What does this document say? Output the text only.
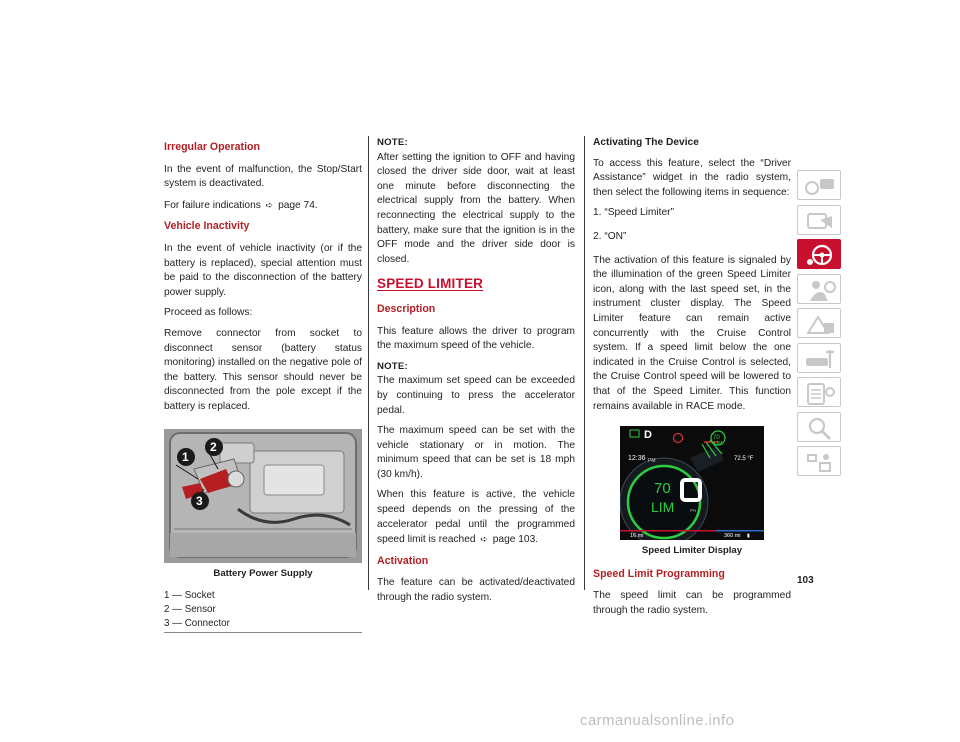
Irregular Operation
In the event of malfunction, the Stop/Start system is deactivated.
For failure indications ➪ page 74.
Vehicle Inactivity
In the event of vehicle inactivity (or if the battery is replaced), special attention must be paid to the disconnection of the battery power supply.
Proceed as follows:
Remove connector from socket to disconnect sensor (battery status monitoring) installed on the negative pole of the battery. This sensor should never be disconnected from the pole except if the battery is replaced.
1
2
3
Battery Power Supply
1 — Socket
2 — Sensor
3 — Connector
NOTE:
After setting the ignition to OFF and having closed the driver side door, wait at least one minute before disconnecting the electrical supply from the battery. When reconnecting the electrical supply to the battery, make sure that the ignition is in the OFF mode and the driver side door is closed.
SPEED LIMITER
Description
This feature allows the driver to program the maximum speed of the vehicle.
NOTE:
The maximum set speed can be exceeded by continuing to press the accelerator pedal.
The maximum speed can be set with the vehicle stationary or in motion. The minimum speed that can be set is 18 mph (30 km/h).
When this feature is active, the vehicle speed depends on the pressing of the accelerator pedal until the programmed speed limit is reached ➪ page 103.
Activation
The feature can be activated/deactivated through the radio system.
Activating The Device
To access this feature, select the “Driver Assistance” widget in the radio system, then select the following items in sequence:
1. “Speed Limiter”
2. “ON”
The activation of this feature is signaled by the illumination of the green Speed Limiter icon, along with the last speed set, in the instrument cluster display. The Speed Limiter feature can remain active concurrently with the Cruise Control system. If a speed limit below the one indicated in the Cruise Control is selected, the Cruise Control speed will be lowered to that of the Speed Limiter. This function remains available in RACE mode.
D	70
LIM
12:36 PM	72.5 °F
70
LIM	PH
16 mi	360 mi ▮
Speed Limiter Display
Speed Limit Programming
The speed limit can be programmed through the radio system.
103
carmanualsonline.info
